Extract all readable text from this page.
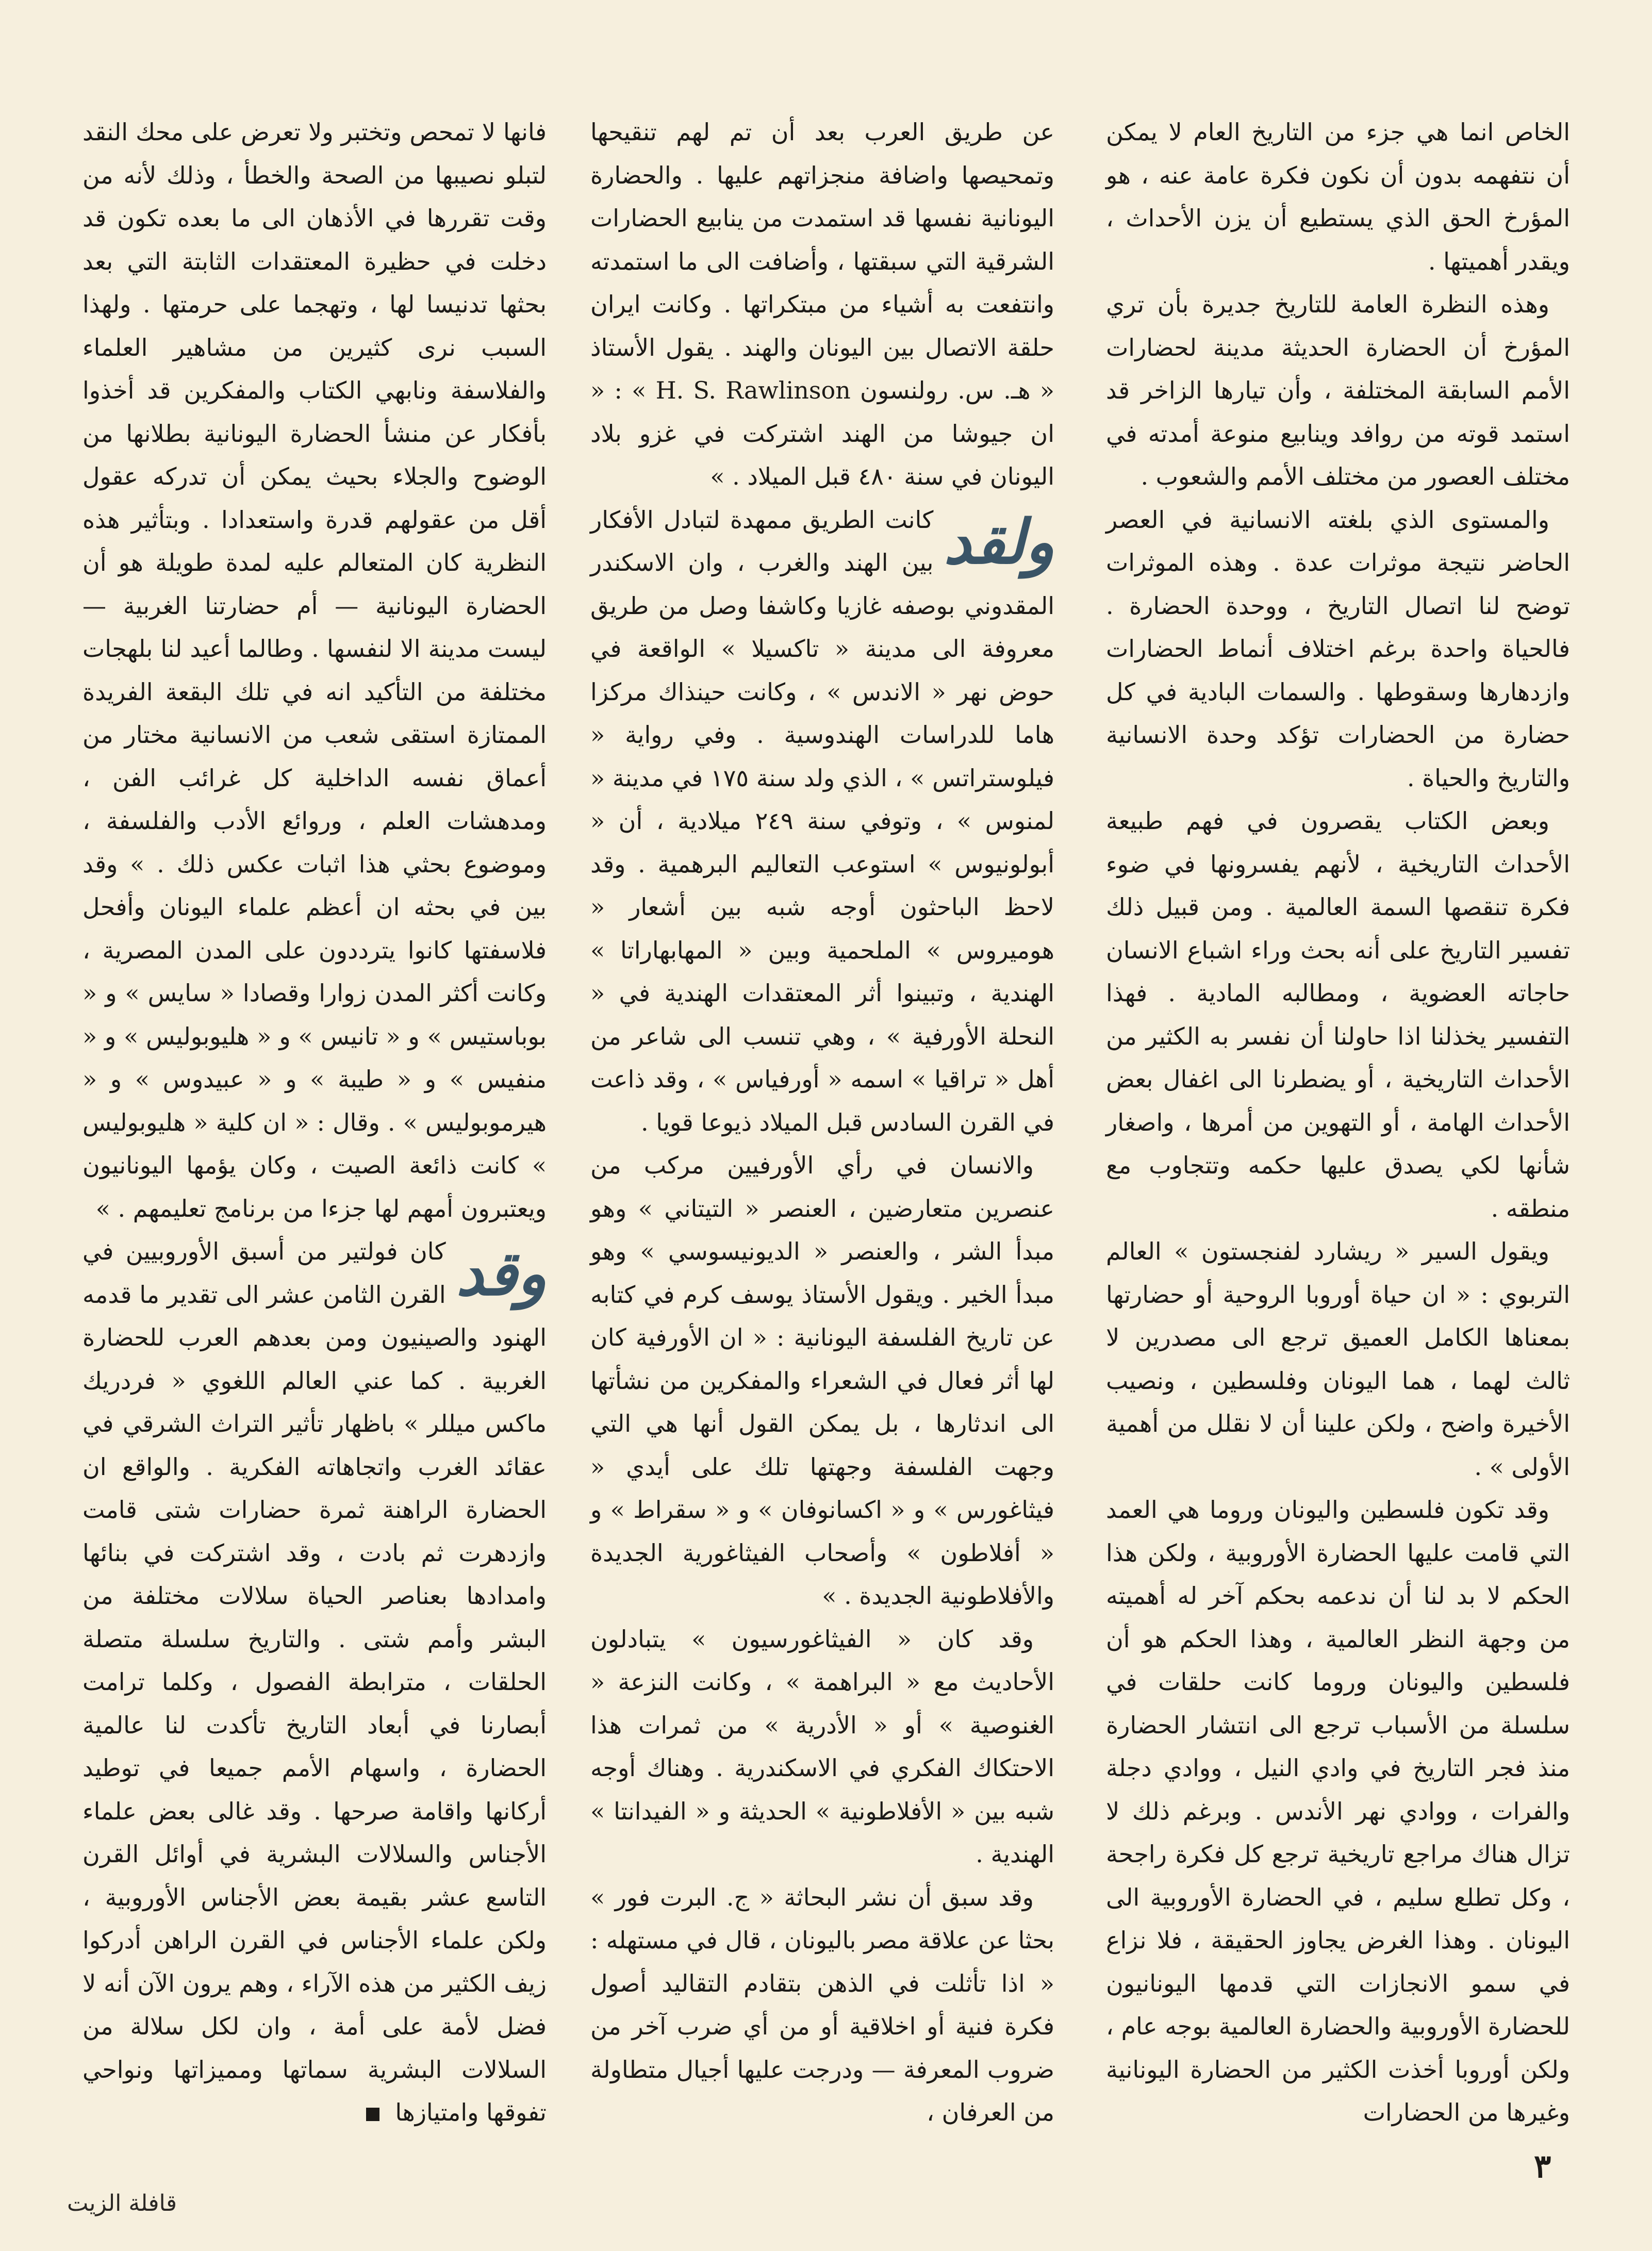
الخاص انما هي جزء من التاريخ العام لا يمكن أن نتفهمه بدون أن نكون فكرة عامة عنه ، هو المؤرخ الحق الذي يستطيع أن يزن الأحداث ، ويقدر أهميتها .

وهذه النظرة العامة للتاريخ جديرة بأن تري المؤرخ أن الحضارة الحديثة مدينة لحضارات الأمم السابقة المختلفة ، وأن تيارها الزاخر قد استمد قوته من روافد وينابيع منوعة أمدته في مختلف العصور من مختلف الأمم والشعوب .

والمستوى الذي بلغته الانسانية في العصر الحاضر نتيجة موثرات عدة . وهذه الموثرات توضح لنا اتصال التاريخ ، ووحدة الحضارة . فالحياة واحدة برغم اختلاف أنماط الحضارات وازدهارها وسقوطها . والسمات البادية في كل حضارة من الحضارات تؤكد وحدة الانسانية والتاريخ والحياة .

وبعض الكتاب يقصرون في فهم طبيعة الأحداث التاريخية ، لأنهم يفسرونها في ضوء فكرة تنقصها السمة العالمية . ومن قبيل ذلك تفسير التاريخ على أنه بحث وراء اشباع الانسان حاجاته العضوية ، ومطالبه المادية . فهذا التفسير يخذلنا اذا حاولنا أن نفسر به الكثير من الأحداث التاريخية ، أو يضطرنا الى اغفال بعض الأحداث الهامة ، أو التهوين من أمرها ، واصغار شأنها لكي يصدق عليها حكمه وتتجاوب مع منطقه .

ويقول السير « ريشارد لفنجستون » العالم التربوي : « ان حياة أوروبا الروحية أو حضارتها بمعناها الكامل العميق ترجع الى مصدرين لا ثالث لهما ، هما اليونان وفلسطين ، ونصيب الأخيرة واضح ، ولكن علينا أن لا نقلل من أهمية الأولى » .

وقد تكون فلسطين واليونان وروما هي العمد التي قامت عليها الحضارة الأوروبية ، ولكن هذا الحكم لا بد لنا أن ندعمه بحكم آخر له أهميته من وجهة النظر العالمية ، وهذا الحكم هو أن فلسطين واليونان وروما كانت حلقات في سلسلة من الأسباب ترجع الى انتشار الحضارة منذ فجر التاريخ في وادي النيل ، ووادي دجلة والفرات ، ووادي نهر الأندس . وبرغم ذلك لا تزال هناك مراجع تاريخية ترجع كل فكرة راجحة ، وكل تطلع سليم ، في الحضارة الأوروبية الى اليونان . وهذا الغرض يجاوز الحقيقة ، فلا نزاع في سمو الانجازات التي قدمها اليونانيون للحضارة الأوروبية والحضارة العالمية بوجه عام ، ولكن أوروبا أخذت الكثير من الحضارة اليونانية وغيرها من الحضارات

عن طريق العرب بعد أن تم لهم تنقيحها وتمحيصها واضافة منجزاتهم عليها . والحضارة اليونانية نفسها قد استمدت من ينابيع الحضارات الشرقية التي سبقتها ، وأضافت الى ما استمدته وانتفعت به أشياء من مبتكراتها . وكانت ايران حلقة الاتصال بين اليونان والهند . يقول الأستاذ « هـ. س. رولنسون H. S. Rawlinson » : « ان جيوشا من الهند اشتركت في غزو بلاد اليونان في سنة ٤٨٠ قبل الميلاد . »

ولقد
كانت الطريق ممهدة لتبادل الأفكار بين الهند والغرب ، وان الاسكندر المقدوني بوصفه غازيا وكاشفا وصل من طريق معروفة الى مدينة « تاكسيلا » الواقعة في حوض نهر « الاندس » ، وكانت حينذاك مركزا هاما للدراسات الهندوسية . وفي رواية « فيلوستراتس » ، الذي ولد سنة ١٧٥ في مدينة « لمنوس » ، وتوفي سنة ٢٤٩ ميلادية ، أن « أبولونيوس » استوعب التعاليم البرهمية . وقد لاحظ الباحثون أوجه شبه بين أشعار « هوميروس » الملحمية وبين « المهابهاراتا » الهندية ، وتبينوا أثر المعتقدات الهندية في « النحلة الأورفية » ، وهي تنسب الى شاعر من أهل « تراقيا » اسمه « أورفياس » ، وقد ذاعت في القرن السادس قبل الميلاد ذيوعا قويا .

والانسان في رأي الأورفيين مركب من عنصرين متعارضين ، العنصر « التيتاني » وهو مبدأ الشر ، والعنصر « الديونيسوسي » وهو مبدأ الخير . ويقول الأستاذ يوسف كرم في كتابه عن تاريخ الفلسفة اليونانية : « ان الأورفية كان لها أثر فعال في الشعراء والمفكرين من نشأتها الى اندثارها ، بل يمكن القول أنها هي التي وجهت الفلسفة وجهتها تلك على أيدي « فيثاغورس » و « اكسانوفان » و « سقراط » و « أفلاطون » وأصحاب الفيثاغورية الجديدة والأفلاطونية الجديدة . »

وقد كان « الفيثاغورسيون » يتبادلون الأحاديث مع « البراهمة » ، وكانت النزعة « الغنوصية » أو « الأدرية » من ثمرات هذا الاحتكاك الفكري في الاسكندرية . وهناك أوجه شبه بين « الأفلاطونية » الحديثة و « الفيدانتا » الهندية .

وقد سبق أن نشر البحاثة « ج. البرت فور » بحثا عن علاقة مصر باليونان ، قال في مستهله : « اذا تأثلت في الذهن بتقادم التقاليد أصول فكرة فنية أو اخلاقية أو من أي ضرب آخر من ضروب المعرفة — ودرجت عليها أجيال متطاولة من العرفان ،

فانها لا تمحص وتختبر ولا تعرض على محك النقد لتبلو نصيبها من الصحة والخطأ ، وذلك لأنه من وقت تقررها في الأذهان الى ما بعده تكون قد دخلت في حظيرة المعتقدات الثابتة التي بعد بحثها تدنيسا لها ، وتهجما على حرمتها . ولهذا السبب نرى كثيرين من مشاهير العلماء والفلاسفة ونابهي الكتاب والمفكرين قد أخذوا بأفكار عن منشأ الحضارة اليونانية بطلانها من الوضوح والجلاء بحيث يمكن أن تدركه عقول أقل من عقولهم قدرة واستعدادا . وبتأثير هذه النظرية كان المتعالم عليه لمدة طويلة هو أن الحضارة اليونانية — أم حضارتنا الغربية — ليست مدينة الا لنفسها . وطالما أعيد لنا بلهجات مختلفة من التأكيد انه في تلك البقعة الفريدة الممتازة استقى شعب من الانسانية مختار من أعماق نفسه الداخلية كل غرائب الفن ، ومدهشات العلم ، وروائع الأدب والفلسفة ، وموضوع بحثي هذا اثبات عكس ذلك . » وقد بين في بحثه ان أعظم علماء اليونان وأفحل فلاسفتها كانوا يترددون على المدن المصرية ، وكانت أكثر المدن زوارا وقصادا « سايس » و « بوباستيس » و « تانيس » و « هليوبوليس » و « منفيس » و « طيبة » و « عبيدوس » و « هيرموبوليس » . وقال : « ان كلية « هليوبوليس » كانت ذائعة الصيت ، وكان يؤمها اليونانيون ويعتبرون أمهم لها جزءا من برنامج تعليمهم . »

وقد
كان فولتير من أسبق الأوروبيين في القرن الثامن عشر الى تقدير ما قدمه الهنود والصينيون ومن بعدهم العرب للحضارة الغربية . كما عني العالم اللغوي « فردريك ماكس ميللر » باظهار تأثير التراث الشرقي في عقائد الغرب واتجاهاته الفكرية . والواقع ان الحضارة الراهنة ثمرة حضارات شتى قامت وازدهرت ثم بادت ، وقد اشتركت في بنائها وامدادها بعناصر الحياة سلالات مختلفة من البشر وأمم شتى . والتاريخ سلسلة متصلة الحلقات ، مترابطة الفصول ، وكلما ترامت أبصارنا في أبعاد التاريخ تأكدت لنا عالمية الحضارة ، واسهام الأمم جميعا في توطيد أركانها واقامة صرحها . وقد غالى بعض علماء الأجناس والسلالات البشرية في أوائل القرن التاسع عشر بقيمة بعض الأجناس الأوروبية ، ولكن علماء الأجناس في القرن الراهن أدركوا زيف الكثير من هذه الآراء ، وهم يرون الآن أنه لا فضل لأمة على أمة ، وان لكل سلالة من السلالات البشرية سماتها ومميزاتها ونواحي تفوقها وامتيازها

٣
قافلة الزيت
